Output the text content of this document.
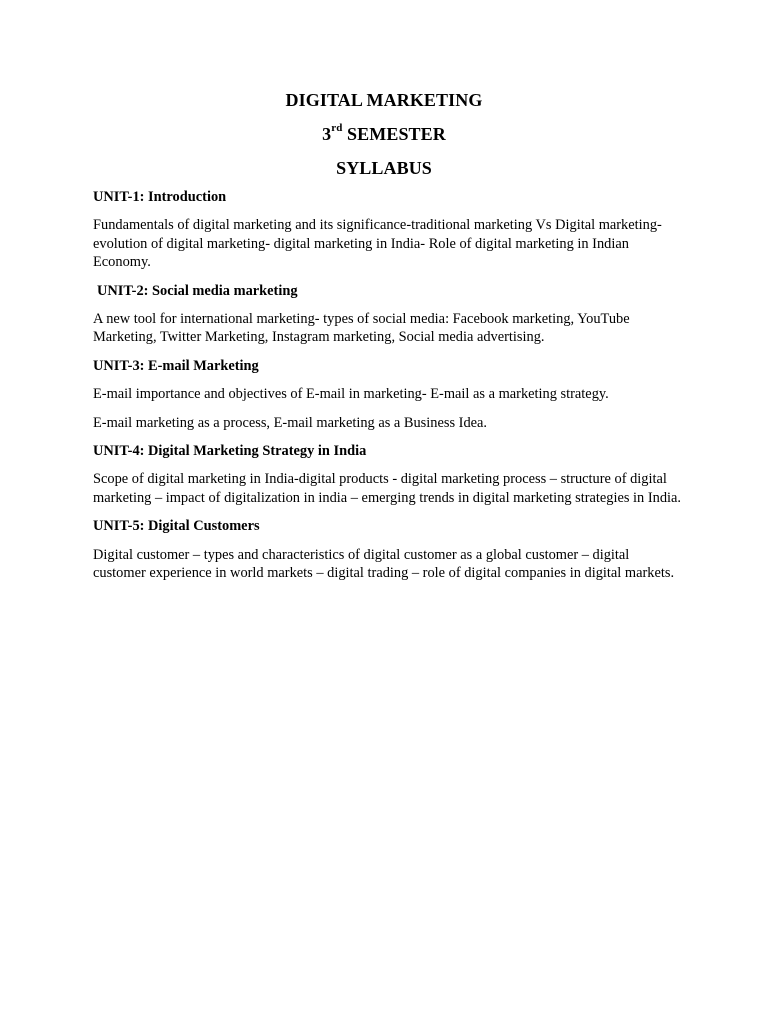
DIGITAL MARKETING
3rd SEMESTER
SYLLABUS
UNIT-1: Introduction
Fundamentals of digital marketing and its significance-traditional marketing Vs Digital marketing- evolution of digital marketing- digital marketing in India- Role of digital marketing in Indian Economy.
UNIT-2: Social media marketing
A new tool for international marketing- types of social media: Facebook marketing, YouTube Marketing, Twitter Marketing, Instagram marketing, Social media advertising.
UNIT-3: E-mail Marketing
E-mail importance and objectives of E-mail in marketing- E-mail as a marketing strategy.
E-mail marketing as a process, E-mail marketing as a Business Idea.
UNIT-4: Digital Marketing Strategy in India
Scope of digital marketing in India-digital products - digital marketing process – structure of digital marketing – impact of digitalization in india – emerging trends in digital marketing strategies in India.
UNIT-5: Digital Customers
Digital customer – types and characteristics of digital customer as a global customer – digital customer experience in world markets – digital trading – role of digital companies in digital markets.
